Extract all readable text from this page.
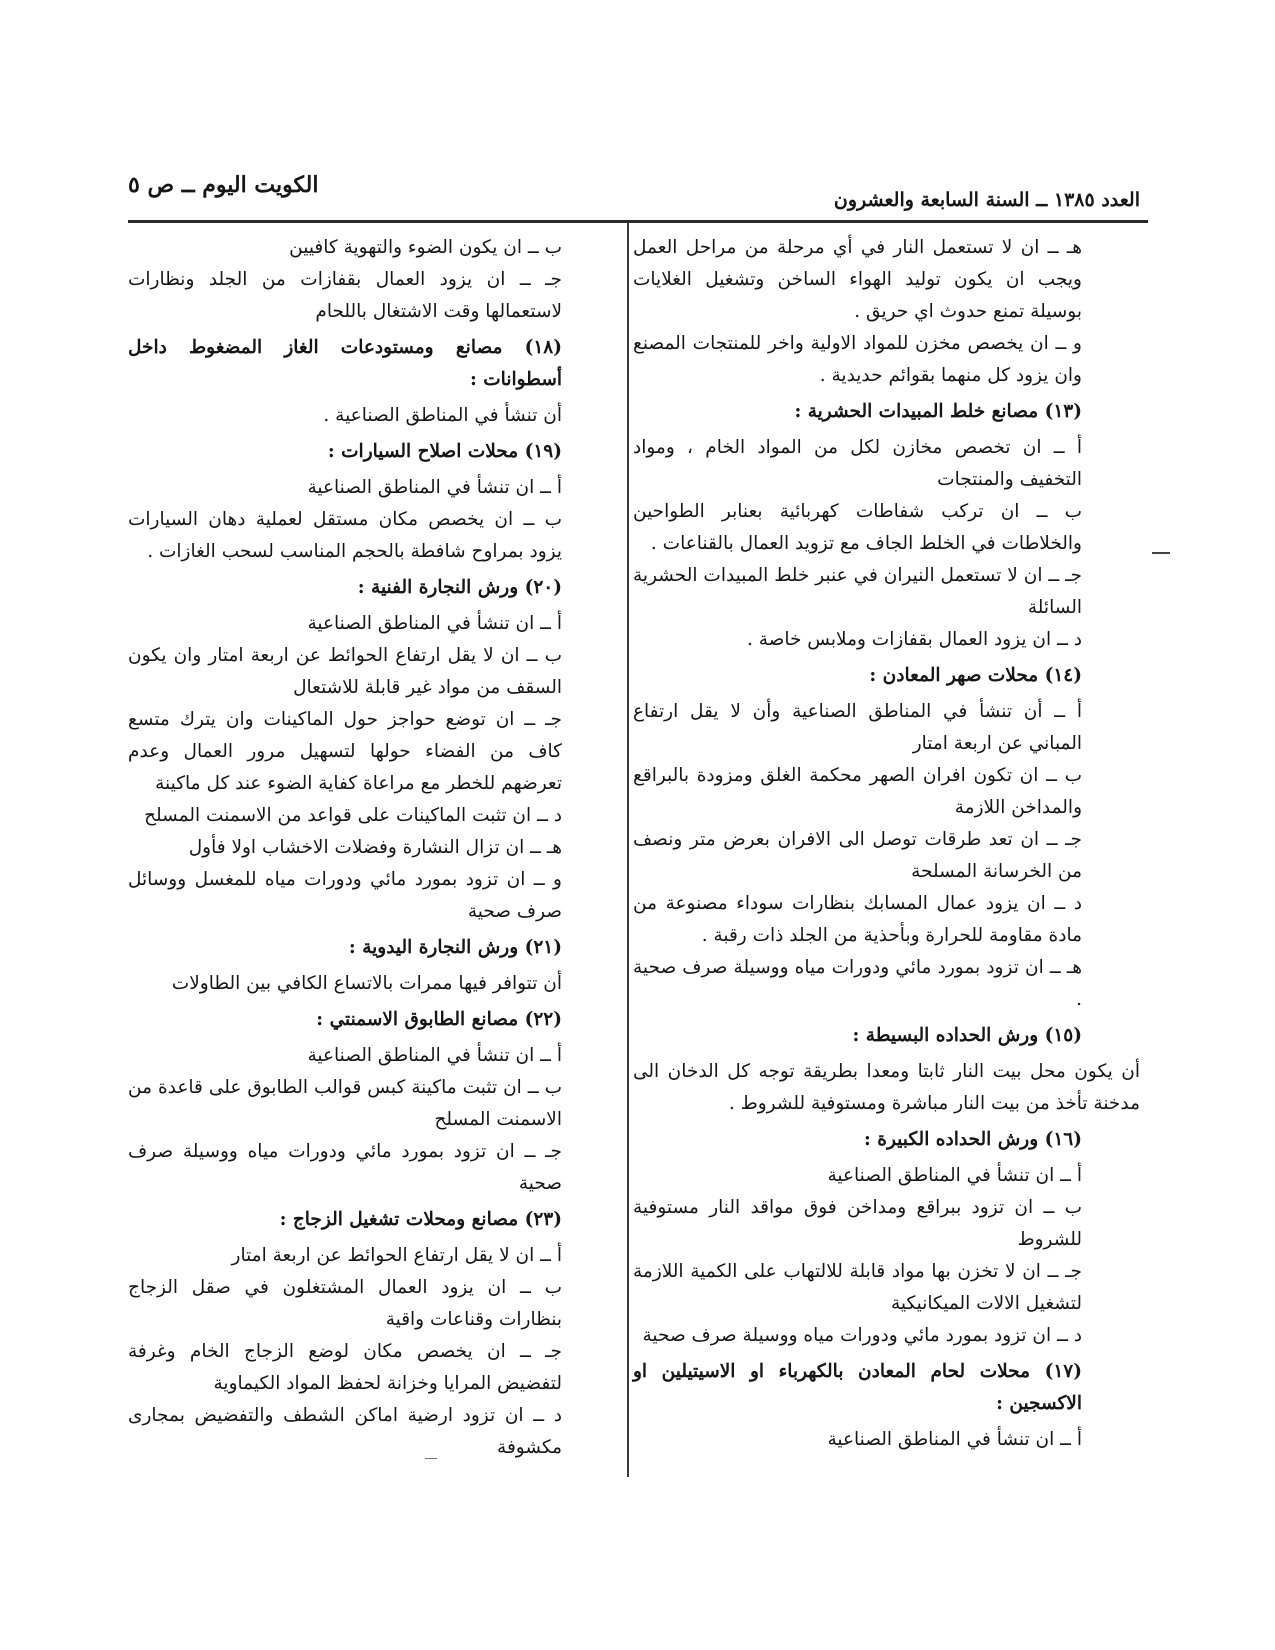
العدد ١٣٨٥ ــ السنة السابعة والعشرون
الكويت اليوم ــ ص ٥

هـ ــ ان لا تستعمل النار في أي مرحلة من مراحل العمل ويجب ان يكون توليد الهواء الساخن وتشغيل الغلايات بوسيلة تمنع حدوث اي حريق .

و ــ ان يخصص مخزن للمواد الاولية واخر للمنتجات المصنع وان يزود كل منهما بقوائم حديدية .

(١٣) مصانع خلط المبيدات الحشرية :

أ ــ ان تخصص مخازن لكل من المواد الخام ، ومواد التخفيف والمنتجات

ب ــ ان تركب شفاطات كهربائية بعنابر الطواحين والخلاطات في الخلط الجاف مع تزويد العمال بالقناعات .

جـ ــ ان لا تستعمل النيران في عنبر خلط المبيدات الحشرية السائلة

د ــ ان يزود العمال بقفازات وملابس خاصة .

(١٤) محلات صهر المعادن :

أ ــ أن تنشأ في المناطق الصناعية وأن لا يقل ارتفاع المباني عن اربعة امتار

ب ــ ان تكون افران الصهر محكمة الغلق ومزودة بالبراقع والمداخن اللازمة

جـ ــ ان تعد طرقات توصل الى الافران بعرض متر ونصف من الخرسانة المسلحة

د ــ ان يزود عمال المسابك بنظارات سوداء مصنوعة من مادة مقاومة للحرارة وبأحذية من الجلد ذات رقبة .

هـ ــ ان تزود بمورد مائي ودورات مياه ووسيلة صرف صحية .

(١٥) ورش الحداده البسيطة :

أن يكون محل بيت النار ثابتا ومعدا بطريقة توجه كل الدخان الى مدخنة تأخذ من بيت النار مباشرة ومستوفية للشروط .

(١٦) ورش الحداده الكبيرة :

أ ــ ان تنشأ في المناطق الصناعية

ب ــ ان تزود ببراقع ومداخن فوق مواقد النار مستوفية للشروط

جـ ــ ان لا تخزن بها مواد قابلة للالتهاب على الكمية اللازمة لتشغيل الالات الميكانيكية

د ــ ان تزود بمورد مائي ودورات مياه ووسيلة صرف صحية

(١٧) محلات لحام المعادن بالكهرباء او الاسيتيلين او الاكسجين :

أ ــ ان تنشأ في المناطق الصناعية

ب ــ ان يكون الضوء والتهوية كافيين

جـ ــ ان يزود العمال بقفازات من الجلد ونظارات لاستعمالها وقت الاشتغال باللحام

(١٨) مصانع ومستودعات الغاز المضغوط داخل أسطوانات :

أن تنشأ في المناطق الصناعية .

(١٩) محلات اصلاح السيارات :

أ ــ ان تنشأ في المناطق الصناعية

ب ــ ان يخصص مكان مستقل لعملية دهان السيارات يزود بمراوح شافطة بالحجم المناسب لسحب الغازات .

(٢٠) ورش النجارة الفنية :

أ ــ ان تنشأ في المناطق الصناعية

ب ــ ان لا يقل ارتفاع الحوائط عن اربعة امتار وان يكون السقف من مواد غير قابلة للاشتعال

جـ ــ ان توضع حواجز حول الماكينات وان يترك متسع كاف من الفضاء حولها لتسهيل مرور العمال وعدم تعرضهم للخطر مع مراعاة كفاية الضوء عند كل ماكينة

د ــ ان تثبت الماكينات على قواعد من الاسمنت المسلح

هـ ــ ان تزال النشارة وفضلات الاخشاب اولا فأول

و ــ ان تزود بمورد مائي ودورات مياه للمغسل ووسائل صرف صحية

(٢١) ورش النجارة اليدوية :

أن تتوافر فيها ممرات بالاتساع الكافي بين الطاولات

(٢٢) مصانع الطابوق الاسمنتي :

أ ــ ان تنشأ في المناطق الصناعية

ب ــ ان تثبت ماكينة كبس قوالب الطابوق على قاعدة من الاسمنت المسلح

جـ ــ ان تزود بمورد مائي ودورات مياه ووسيلة صرف صحية

(٢٣) مصانع ومحلات تشغيل الزجاج :

أ ــ ان لا يقل ارتفاع الحوائط عن اربعة امتار

ب ــ ان يزود العمال المشتغلون في صقل الزجاج بنظارات وقناعات واقية

جـ ــ ان يخصص مكان لوضع الزجاج الخام وغرفة لتفضيض المرايا وخزانة لحفظ المواد الكيماوية

د ــ ان تزود ارضية اماكن الشطف والتفضيض بمجارى مكشوفة
